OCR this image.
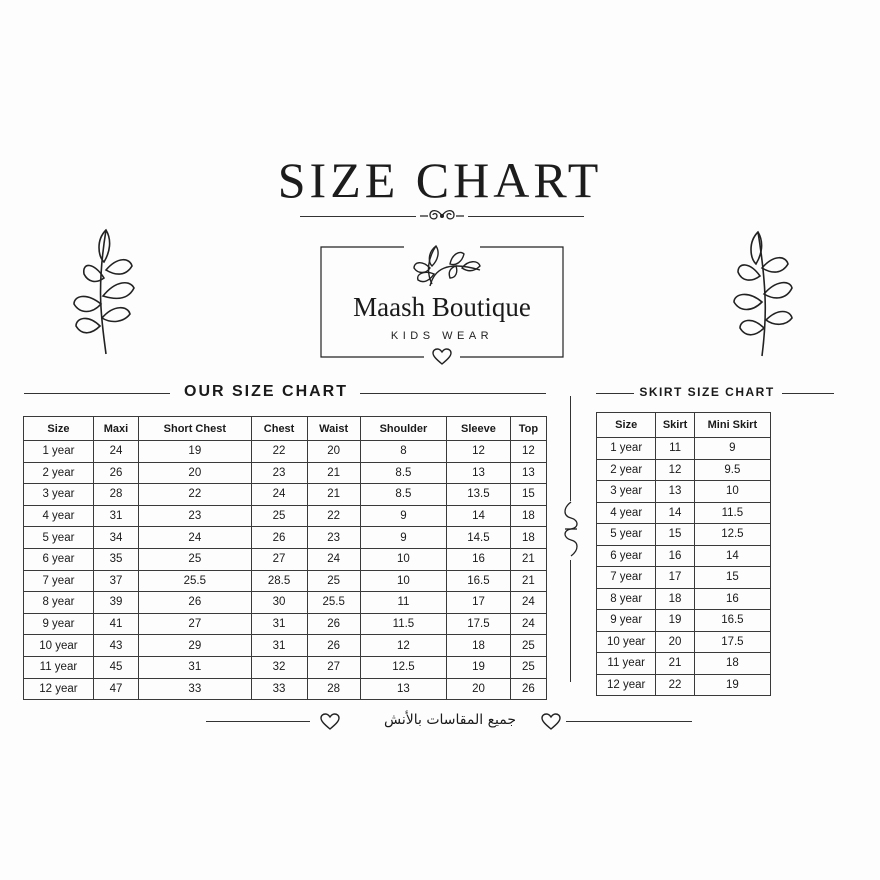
SIZE CHART
Maash Boutique
KIDS WEAR
OUR SIZE CHART
Size	Maxi	Short Chest	Chest	Waist	Shoulder	Sleeve	Top
1 year	24	19	22	20	8	12	12
2 year	26	20	23	21	8.5	13	13
3 year	28	22	24	21	8.5	13.5	15
4 year	31	23	25	22	9	14	18
5 year	34	24	26	23	9	14.5	18
6 year	35	25	27	24	10	16	21
7 year	37	25.5	28.5	25	10	16.5	21
8 year	39	26	30	25.5	11	17	24
9 year	41	27	31	26	11.5	17.5	24
10 year	43	29	31	26	12	18	25
11 year	45	31	32	27	12.5	19	25
12 year	47	33	33	28	13	20	26
SKIRT SIZE CHART
Size	Skirt	Mini Skirt
1 year	11	9
2 year	12	9.5
3 year	13	10
4 year	14	11.5
5 year	15	12.5
6 year	16	14
7 year	17	15
8 year	18	16
9 year	19	16.5
10 year	20	17.5
11 year	21	18
12 year	22	19
جميع المقاسات بالأنش
